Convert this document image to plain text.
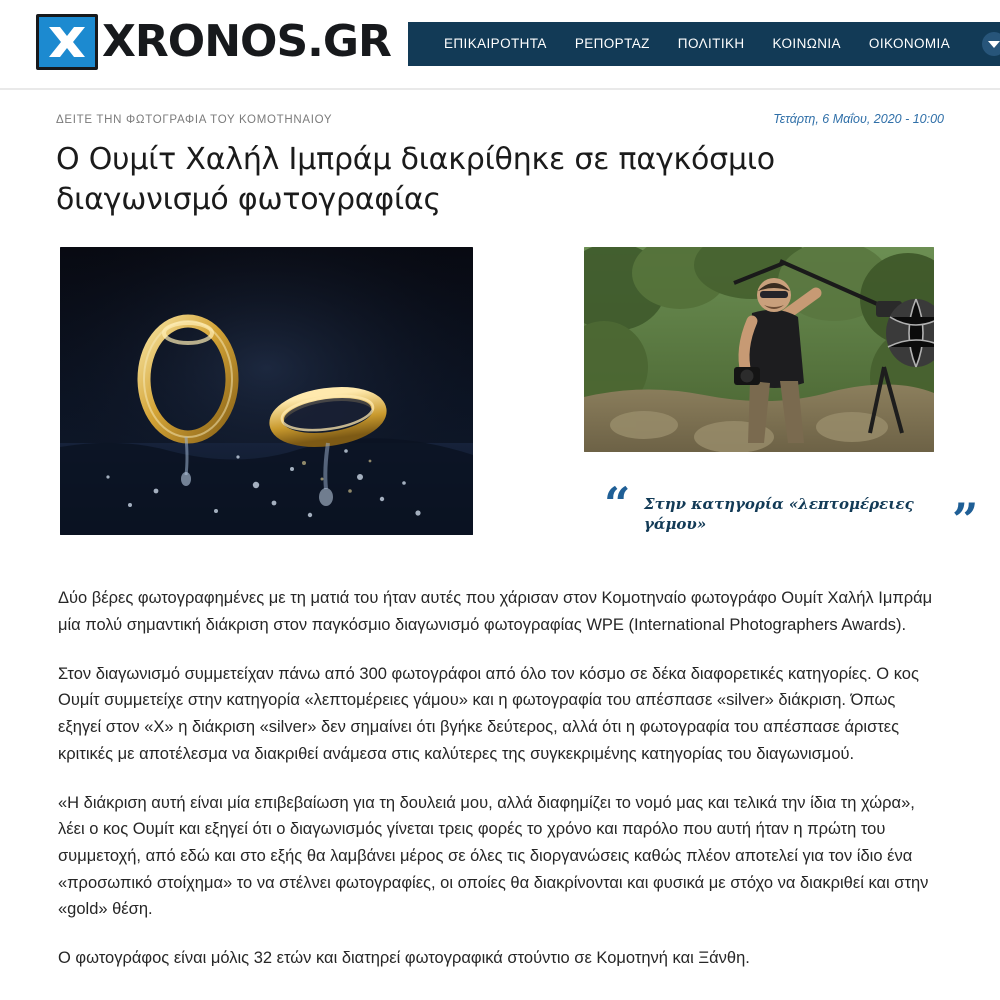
XRONOS.GR	ΕΠΙΚΑΙΡΟΤΗΤΑ	ΡΕΠΟΡΤΑΖ	ΠΟΛΙΤΙΚΗ	ΚΟΙΝΩΝΙΑ	ΟΙΚΟΝΟΜΙΑ
ΔΕΙΤΕ ΤΗΝ ΦΩΤΟΓΡΑΦΙΑ ΤΟΥ ΚΟΜΟΤΗΝΑΙΟΥ	Τετάρτη, 6 Μαΐου, 2020 - 10:00
Ο Ουμίτ Χαλήλ Ιμπράμ διακρίθηκε σε παγκόσμιο διαγωνισμό φωτογραφίας
“ Στην κατηγορία «λεπτομέρειες γάμου»	”

Δύο βέρες φωτογραφημένες με τη ματιά του ήταν αυτές που χάρισαν στον Κομοτηναίο φωτογράφο Ουμίτ Χαλήλ Ιμπράμ μία πολύ σημαντική διάκριση στον παγκόσμιο διαγωνισμό φωτογραφίας WPE (International Photographers Awards).

Στον διαγωνισμό συμμετείχαν πάνω από 300 φωτογράφοι από όλο τον κόσμο σε δέκα διαφορετικές κατηγορίες. Ο κος Ουμίτ συμμετείχε στην κατηγορία «λεπτομέρειες γάμου» και η φωτογραφία του απέσπασε «silver» διάκριση. Όπως εξηγεί στον «Χ» η διάκριση «silver» δεν σημαίνει ότι βγήκε δεύτερος, αλλά ότι η φωτογραφία του απέσπασε άριστες κριτικές με αποτέλεσμα να διακριθεί ανάμεσα στις καλύτερες της συγκεκριμένης κατηγορίας του διαγωνισμού.

«Η διάκριση αυτή είναι μία επιβεβαίωση για τη δουλειά μου, αλλά διαφημίζει το νομό μας και τελικά την ίδια τη χώρα», λέει ο κος Ουμίτ και εξηγεί ότι ο διαγωνισμός γίνεται τρεις φορές το χρόνο και παρόλο που αυτή ήταν η πρώτη του συμμετοχή, από εδώ και στο εξής θα λαμβάνει μέρος σε όλες τις διοργανώσεις καθώς πλέον αποτελεί για τον ίδιο ένα «προσωπικό στοίχημα» το να στέλνει φωτογραφίες, οι οποίες θα διακρίνονται και φυσικά με στόχο να διακριθεί και στην «gold» θέση.

Ο φωτογράφος είναι μόλις 32 ετών και διατηρεί φωτογραφικά στούντιο σε Κομοτηνή και Ξάνθη.
